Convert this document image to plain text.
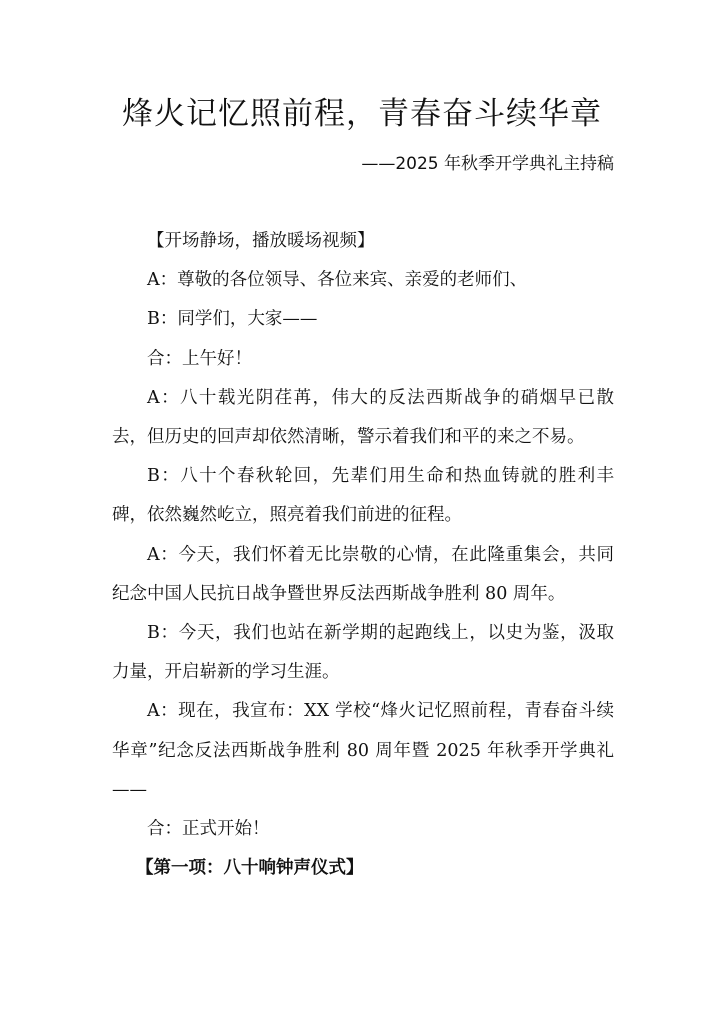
烽火记忆照前程，青春奋斗续华章
——2025 年秋季开学典礼主持稿

【开场静场，播放暖场视频】

A：尊敬的各位领导、各位来宾、亲爱的老师们、

B：同学们，大家——

合：上午好！

A：八十载光阴荏苒，伟大的反法西斯战争的硝烟早已散去，但历史的回声却依然清晰，警示着我们和平的来之不易。

B：八十个春秋轮回，先辈们用生命和热血铸就的胜利丰碑，依然巍然屹立，照亮着我们前进的征程。

A：今天，我们怀着无比崇敬的心情，在此隆重集会，共同纪念中国人民抗日战争暨世界反法西斯战争胜利 80 周年。

B：今天，我们也站在新学期的起跑线上，以史为鉴，汲取力量，开启崭新的学习生涯。

A：现在，我宣布：XX 学校“烽火记忆照前程，青春奋斗续华章”纪念反法西斯战争胜利 80 周年暨 2025 年秋季开学典礼——

合：正式开始！

【第一项：八十响钟声仪式】
